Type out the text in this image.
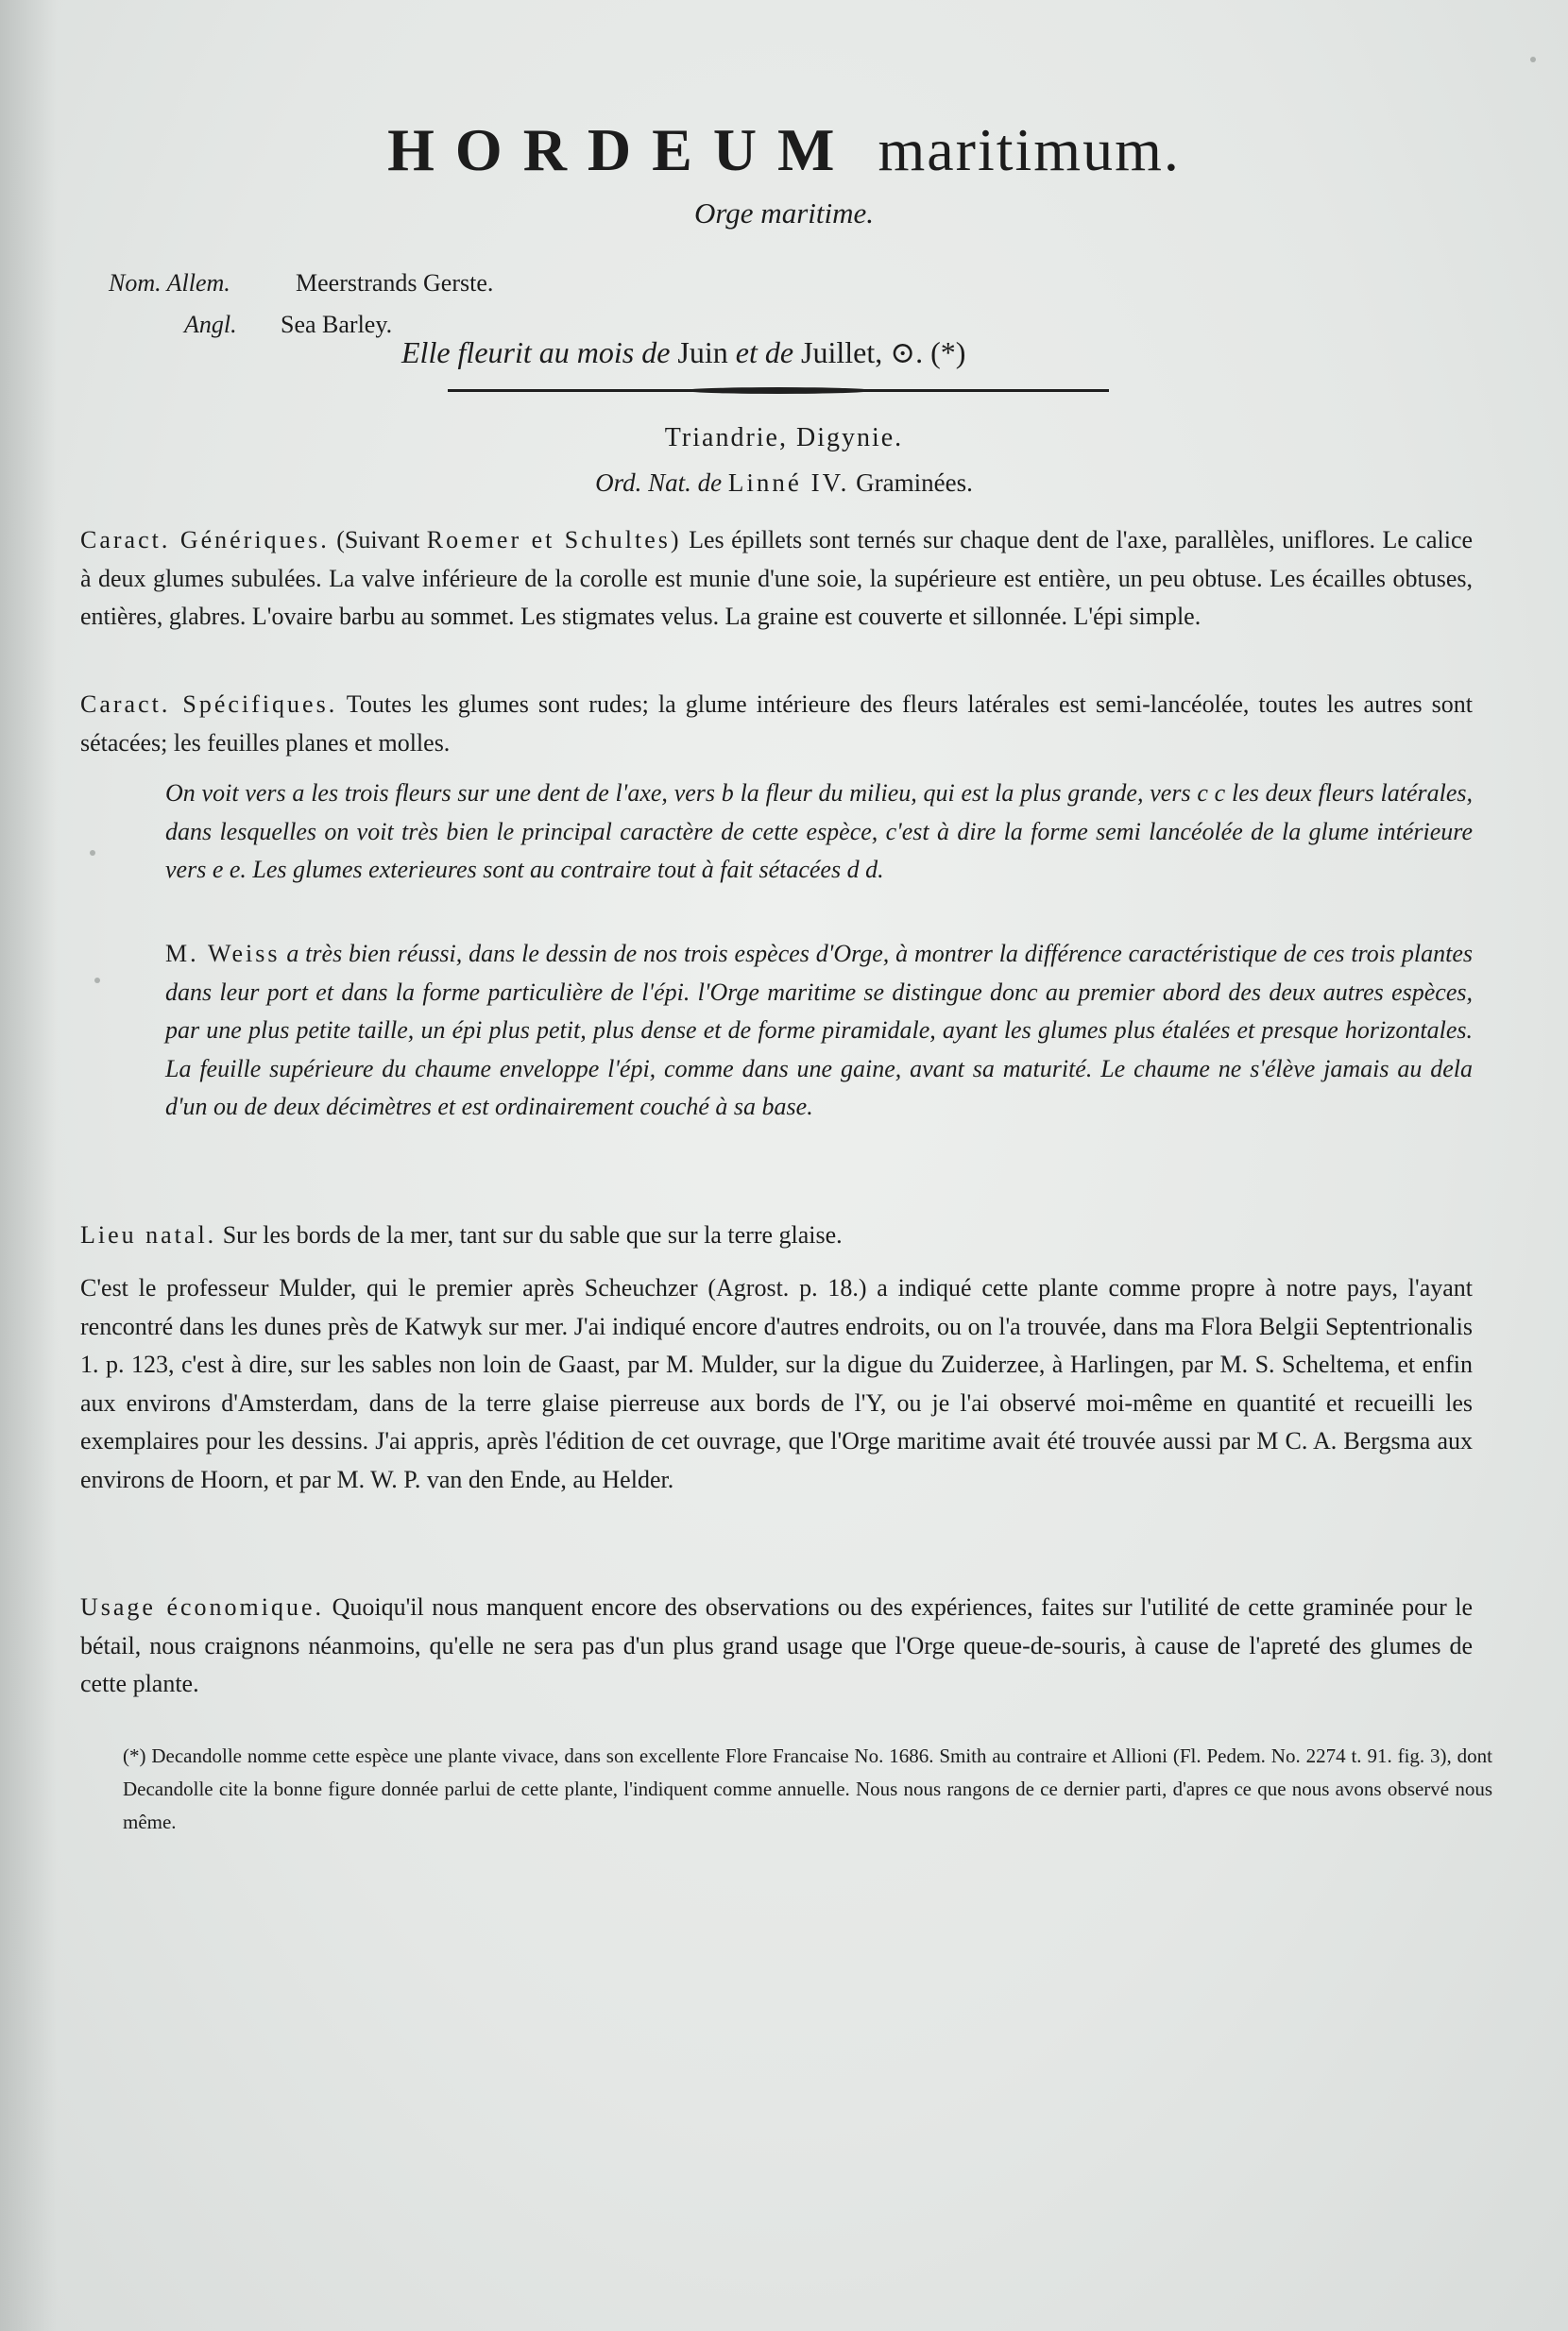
HORDEUM maritimum.
Orge maritime.
Nom. Allem.	Meerstrands Gerste.
Angl. Sea Barley.
Elle fleurit au mois de Juin et de Juillet, ⊙. (*)
Triandrie, Digynie.
Ord. Nat. de Linné IV. Graminées.

Caract. Génériques. (Suivant Roemer et Schultes) Les épillets sont ternés sur chaque dent de l'axe, parallèles, uniflores. Le calice à deux glumes subulées. La valve inférieure de la corolle est munie d'une soie, la supérieure est entière, un peu obtuse. Les écailles obtuses, entières, glabres. L'ovaire barbu au sommet. Les stigmates velus. La graine est couverte et sillonnée. L'épi simple.

Caract. Spécifiques. Toutes les glumes sont rudes; la glume intérieure des fleurs latérales est semi-lancéolée, toutes les autres sont sétacées; les feuilles planes et molles.

On voit vers a les trois fleurs sur une dent de l'axe, vers b la fleur du milieu, qui est la plus grande, vers c c les deux fleurs latérales, dans lesquelles on voit très bien le principal caractère de cette espèce, c'est à dire la forme semi lancéolée de la glume intérieure vers e e. Les glumes exterieures sont au contraire tout à fait sétacées d d.
M. Weiss a très bien réussi, dans le dessin de nos trois espèces d'Orge, à montrer la différence caractéristique de ces trois plantes dans leur port et dans la forme particulière de l'épi. l'Orge maritime se distingue donc au premier abord des deux autres espèces, par une plus petite taille, un épi plus petit, plus dense et de forme piramidale, ayant les glumes plus étalées et presque horizontales. La feuille supérieure du chaume enveloppe l'épi, comme dans une gaine, avant sa maturité. Le chaume ne s'élève jamais au dela d'un ou de deux décimètres et est ordinairement couché à sa base.
Lieu natal. Sur les bords de la mer, tant sur du sable que sur la terre glaise.
C'est le professeur Mulder, qui le premier après Scheuchzer (Agrost. p. 18.) a indiqué cette plante comme propre à notre pays, l'ayant rencontré dans les dunes près de Katwyk sur mer. J'ai indiqué encore d'autres endroits, ou on l'a trouvée, dans ma Flora Belgii Septentrionalis 1. p. 123, c'est à dire, sur les sables non loin de Gaast, par M. Mulder, sur la digue du Zuiderzee, à Harlingen, par M. S. Scheltema, et enfin aux environs d'Amsterdam, dans de la terre glaise pierreuse aux bords de l'Y, ou je l'ai observé moi-même en quantité et recueilli les exemplaires pour les dessins. J'ai appris, après l'édition de cet ouvrage, que l'Orge maritime avait été trouvée aussi par M C. A. Bergsma aux environs de Hoorn, et par M. W. P. van den Ende, au Helder.
Usage économique. Quoiqu'il nous manquent encore des observations ou des expériences, faites sur l'utilité de cette graminée pour le bétail, nous craignons néanmoins, qu'elle ne sera pas d'un plus grand usage que l'Orge queue-de-souris, à cause de l'apreté des glumes de cette plante.
(*) Decandolle nomme cette espèce une plante vivace, dans son excellente Flore Francaise No. 1686. Smith au contraire et Allioni (Fl. Pedem. No. 2274 t. 91. fig. 3), dont Decandolle cite la bonne figure donnée parlui de cette plante, l'indiquent comme annuelle. Nous nous rangons de ce dernier parti, d'apres ce que nous avons observé nous même.
